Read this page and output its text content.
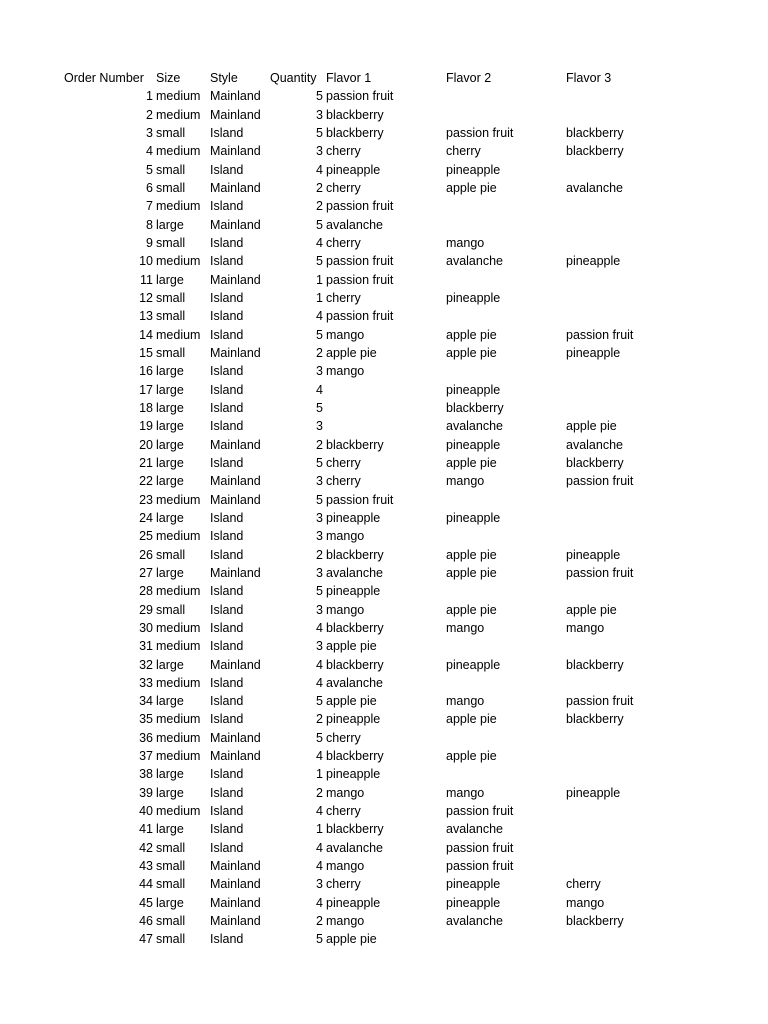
Order Number Size Style	Quantity Flavor 1	Flavor 2	Flavor 3
1 medium Mainland	5 passion fruit
2 medium Mainland	3 blackberry
3 small Island	5 blackberry	passion fruit	blackberry
4 medium Mainland	3 cherry	cherry	blackberry
5 small Island	4 pineapple	pineapple
6 small Mainland	2 cherry	apple pie	avalanche
7 medium Island	2 passion fruit
8 large Mainland	5 avalanche
9 small Island	4 cherry	mango
10 medium Island	5 passion fruit	avalanche	pineapple
11 large Mainland	1 passion fruit
12 small Island	1 cherry	pineapple
13 small Island	4 passion fruit
14 medium Island	5 mango	apple pie	passion fruit
15 small Mainland	2 apple pie	apple pie	pineapple
16 large Island	3 mango
17 large Island	4	pineapple
18 large Island	5	blackberry
19 large Island	3	avalanche	apple pie
20 large Mainland	2 blackberry	pineapple	avalanche
21 large Island	5 cherry	apple pie	blackberry
22 large Mainland	3 cherry	mango	passion fruit
23 medium Mainland	5 passion fruit
24 large Island	3 pineapple	pineapple
25 medium Island	3 mango
26 small Island	2 blackberry	apple pie	pineapple
27 large Mainland	3 avalanche	apple pie	passion fruit
28 medium Island	5 pineapple
29 small Island	3 mango	apple pie	apple pie
30 medium Island	4 blackberry	mango	mango
31 medium Island	3 apple pie
32 large Mainland	4 blackberry	pineapple	blackberry
33 medium Island	4 avalanche
34 large Island	5 apple pie	mango	passion fruit
35 medium Island	2 pineapple	apple pie	blackberry
36 medium Mainland	5 cherry
37 medium Mainland	4 blackberry	apple pie
38 large Island	1 pineapple
39 large Island	2 mango	mango	pineapple
40 medium Island	4 cherry	passion fruit
41 large Island	1 blackberry	avalanche
42 small Island	4 avalanche	passion fruit
43 small Mainland	4 mango	passion fruit
44 small Mainland	3 cherry	pineapple	cherry
45 large Mainland	4 pineapple	pineapple	mango
46 small Mainland	2 mango	avalanche	blackberry
47 small Island	5 apple pie
